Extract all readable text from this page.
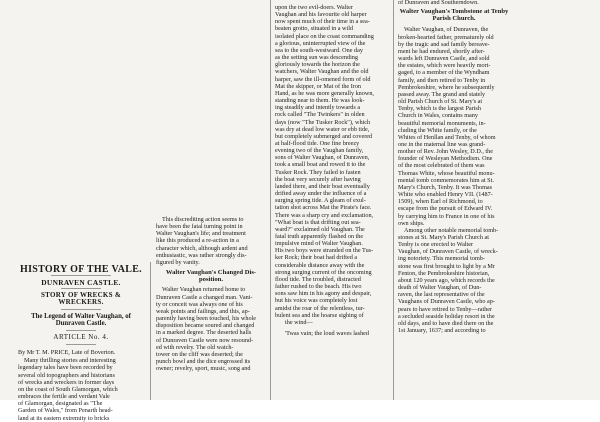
HISTORY OF THE VALE.
DUNRAVEN CASTLE.
STORY OF WRECKS & WRECKERS.
The Legend of Walter Vaughan, of
Dunraven Castle.
ARTICLE No. 4.
By Mr T. M. PRICE, Late of Boverton.
Many thrilling stories and interesting
legendary tales have been recorded by
several old topographers and historians
of wrecks and wreckers in former days
on the coast of South Glamorgan, which
embraces the fertile and verdant Vale
of Glamorgan, designated as "The
Garden of Wales," from Penarth head-
land at its eastern extremity to bricks
This discrediting action seems to
have been the fatal turning point in
Walter Vaughan's life; and treatment
like this produced a re-action in a
character which, although ardent and
enthusiastic, was rather strongly dis-
figured by vanity.
Walter Vaughan's Changed Dis-
position.
Walter Vaughan returned home to
Dunraven Castle a changed man. Vani-
ty or conceit was always one of his
weak points and failings, and this, ap-
parently having been touched, his whole
disposition became soured and changed
in a marked degree. The deserted halls
of Dunraven Castle were now resound-
ed with revelry. The old watch-
tower on the cliff was deserted; the
punch bowl and the dice engrossed its
owner; revelry, sport, music, song and
upon the two evil-doers. Walter
Vaughan and his favourite old harper
now spent much of their time in a sea-
beaten grotto, situated in a wild
isolated place on the coast commanding
a glorious, uninterrupted view of the
sea to the south-westward. One day
as the setting sun was descending
gloriously towards the horizon the
watchers, Walter Vaughan and the old
harper, saw the ill-omened form of old
Mat the skipper, or Mat of the Iron
Hand, as he was more generally known,
standing near to them. He was look-
ing steadily and intently towards a
rock called "The Twinkers" in olden
days (now "The Tusker Rock"), which
was dry at dead low water or ebb tide,
but completely submerged and covered
at half-flood tide. One fine breezy
evening two of the Vaughan family,
sons of Walter Vaughan, of Dunraven,
took a small boat and rowed it to the
Tusker Rock. They failed to fasten
the boat very securely after having
landed there, and their boat eventually
drifted away under the influence of a
surging spring tide. A gleam of exul-
tation shot across Mat the Pirate's face.
There was a sharp cry and exclamation,
"What boat is that drifting out sea-
ward?" exclaimed old Vaughan. The
fatal truth apparently flashed on the
impulsive mind of Walter Vaughan.
His two boys were stranded on the Tus-
ker Rock; their boat had drifted a
considerable distance away with the
strong surging current of the oncoming
flood tide. The troubled, distracted
father rushed to the beach. His two
sons saw him in his agony and despair,
but his voice was completely lost
amidst the roar of the relentless, tur-
bulent sea and the hoarse sighing of
the wind—
'Twas vain; the loud waves lashed
of Dunraven and Southerndown.
Walter Vaughan's Tombstone at Tenby
Parish Church.
Walter Vaughan, of Dunraven, the
broken-hearted father, prematurely old
by the tragic and sad family bereave-
ment he had endured, shortly after-
wards left Dunraven Castle, and sold
the estates, which were heavily mort-
gaged, to a member of the Wyndham
family, and then retired to Tenby in
Pembrokeshire, where he subsequently
passed away. The grand and stately
old Parish Church of St. Mary's at
Tenby, which is the largest Parish
Church in Wales, contains many
beautiful memorial monuments, in-
cluding the White family, or the
Whites of Henllan and Tenby, of whom
one in the maternal line was grand-
mother of Rev. John Wesley, D.D., the
founder of Wesleyan Methodism. One
of the most celebrated of them was
Thomas White, whose beautiful monu-
mental tomb commemorates him at St.
Mary's Church, Tenby. It was Thomas
White who enabled Henry VII. (1487-
1509), when Earl of Richmond, to
escape from the pursuit of Edward IV.
by carrying him to France in one of his
own ships.
Among other notable memorial tomb-
stones at St. Mary's Parish Church at
Tenby is one erected to Walter
Vaughan, of Dunraven Castle, of wreck-
ing notoriety. This memorial tomb-
stone was first brought to light by a Mr
Fenton, the Pembrokeshire historian,
about 120 years ago, which records the
death of Walter Vaughan, of Dun-
raven, the last representative of the
Vaughans of Dunraven Castle, who ap-
pears to have retired to Tenby—rather
a secluded seaside holiday resort in the
old days, and to have died there on the
1st January, 1637; and according to
